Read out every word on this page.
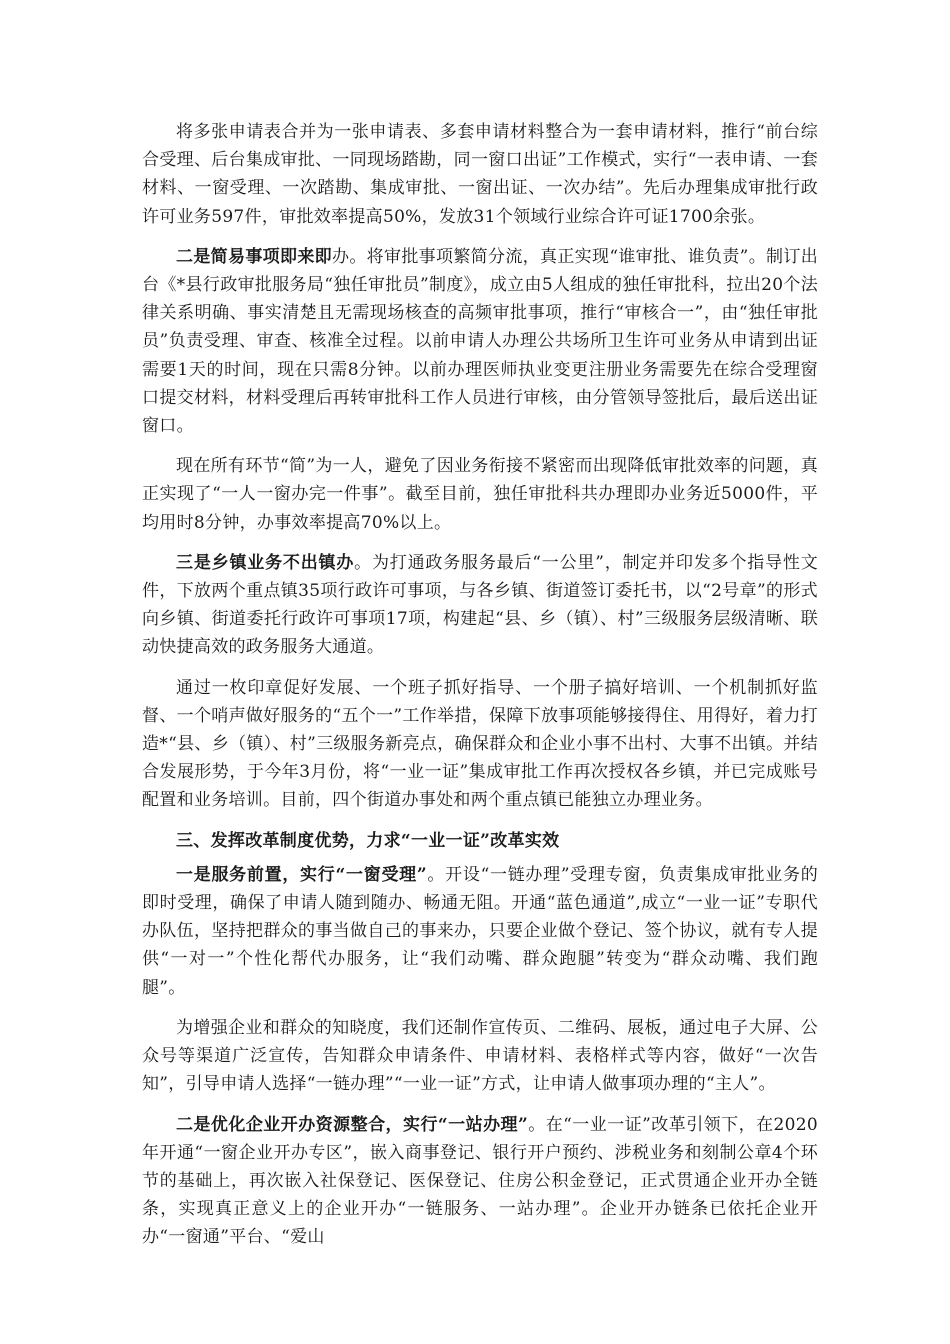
将多张申请表合并为一张申请表、多套申请材料整合为一套申请材料，推行“前台综合受理、后台集成审批、一同现场踏勘，同一窗口出证”工作模式，实行“一表申请、一套材料、一窗受理、一次踏勘、集成审批、一窗出证、一次办结”。先后办理集成审批行政许可业务597件，审批效率提高50%，发放31个领域行业综合许可证1700余张。

二是简易事项即来即办。将审批事项繁简分流，真正实现“谁审批、谁负责”。制订出台《*县行政审批服务局“独任审批员”制度》，成立由5人组成的独任审批科，拉出20个法律关系明确、事实清楚且无需现场核查的高频审批事项，推行“审核合一”，由“独任审批员”负责受理、审查、核准全过程。以前申请人办理公共场所卫生许可业务从申请到出证需要1天的时间，现在只需8分钟。以前办理医师执业变更注册业务需要先在综合受理窗口提交材料，材料受理后再转审批科工作人员进行审核，由分管领导签批后，最后送出证窗口。

现在所有环节“简”为一人，避免了因业务衔接不紧密而出现降低审批效率的问题，真正实现了“一人一窗办完一件事”。截至目前，独任审批科共办理即办业务近5000件，平均用时8分钟，办事效率提高70%以上。

三是乡镇业务不出镇办。为打通政务服务最后“一公里”，制定并印发多个指导性文件，下放两个重点镇35项行政许可事项，与各乡镇、街道签订委托书，以“2号章”的形式向乡镇、街道委托行政许可事项17项，构建起“县、乡（镇）、村”三级服务层级清晰、联动快捷高效的政务服务大通道。

通过一枚印章促好发展、一个班子抓好指导、一个册子搞好培训、一个机制抓好监督、一个哨声做好服务的“五个一”工作举措，保障下放事项能够接得住、用得好，着力打造*“县、乡（镇）、村”三级服务新亮点，确保群众和企业小事不出村、大事不出镇。并结合发展形势，于今年3月份，将“一业一证”集成审批工作再次授权各乡镇，并已完成账号配置和业务培训。目前，四个街道办事处和两个重点镇已能独立办理业务。

三、发挥改革制度优势，力求“一业一证”改革实效

一是服务前置，实行“一窗受理”。开设“一链办理”受理专窗，负责集成审批业务的即时受理，确保了申请人随到随办、畅通无阻。开通“蓝色通道”,成立“一业一证”专职代办队伍，坚持把群众的事当做自己的事来办，只要企业做个登记、签个协议，就有专人提供“一对一”个性化帮代办服务，让“我们动嘴、群众跑腿”转变为“群众动嘴、我们跑腿”。

为增强企业和群众的知晓度，我们还制作宣传页、二维码、展板，通过电子大屏、公众号等渠道广泛宣传，告知群众申请条件、申请材料、表格样式等内容，做好“一次告知”，引导申请人选择“一链办理”“一业一证”方式，让申请人做事项办理的“主人”。

二是优化企业开办资源整合，实行“一站办理”。在“一业一证”改革引领下，在2020年开通“一窗企业开办专区”，嵌入商事登记、银行开户预约、涉税业务和刻制公章4个环节的基础上，再次嵌入社保登记、医保登记、住房公积金登记，正式贯通企业开办全链条，实现真正意义上的企业开办“一链服务、一站办理”。企业开办链条已依托企业开办“一窗通”平台、“爱山
